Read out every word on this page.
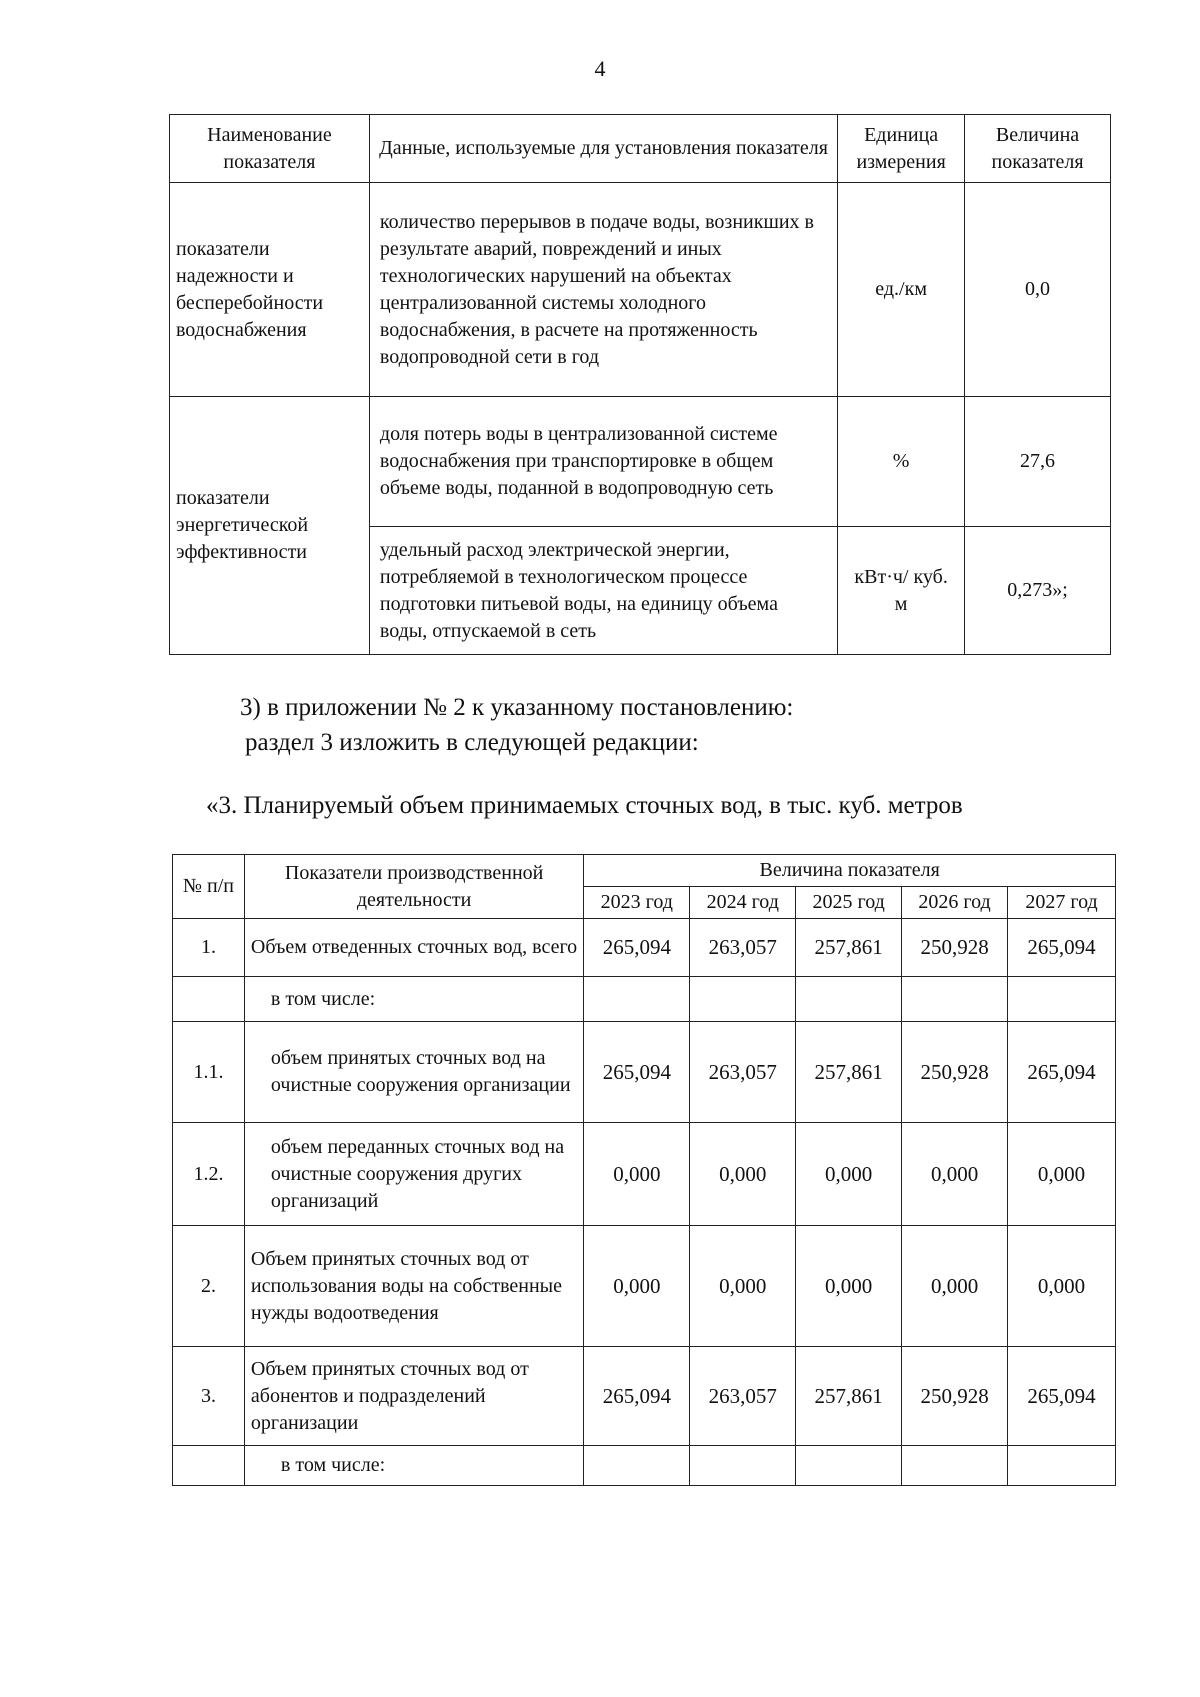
4
Наименование показателя	Данные, используемые для установления показателя	Единица измерения	Величина показателя
показатели надежности и бесперебойности водоснабжения	количество перерывов в подаче воды, возникших в результате аварий, повреждений и иных технологических нарушений на объектах централизованной системы холодного водоснабжения, в расчете на протяженность водопроводной сети в год	ед./км	0,0
показатели энергетической эффективности	доля потерь воды в централизованной системе водоснабжения при транспортировке в общем объеме воды, поданной в водопроводную сеть	%	27,6
	удельный расход электрической энергии, потребляемой в технологическом процессе подготовки питьевой воды, на единицу объема воды, отпускаемой в сеть	кВт·ч/ куб. м	0,273»;
3) в приложении № 2 к указанному постановлению:
раздел 3 изложить в следующей редакции:
«3. Планируемый объем принимаемых сточных вод, в тыс. куб. метров
№ п/п	Показатели производственной деятельности	Величина показателя				
		2023 год	2024 год	2025 год	2026 год	2027 год
1.	Объем отведенных сточных вод, всего	265,094	263,057	257,861	250,928	265,094
	в том числе:					
1.1.	объем принятых сточных вод на очистные сооружения организации	265,094	263,057	257,861	250,928	265,094
1.2.	объем переданных сточных вод на очистные сооружения других организаций	0,000	0,000	0,000	0,000	0,000
2.	Объем принятых сточных вод от использования воды на собственные нужды водоотведения	0,000	0,000	0,000	0,000	0,000
3.	Объем принятых сточных вод от абонентов и подразделений организации	265,094	263,057	257,861	250,928	265,094
	в том числе:					
